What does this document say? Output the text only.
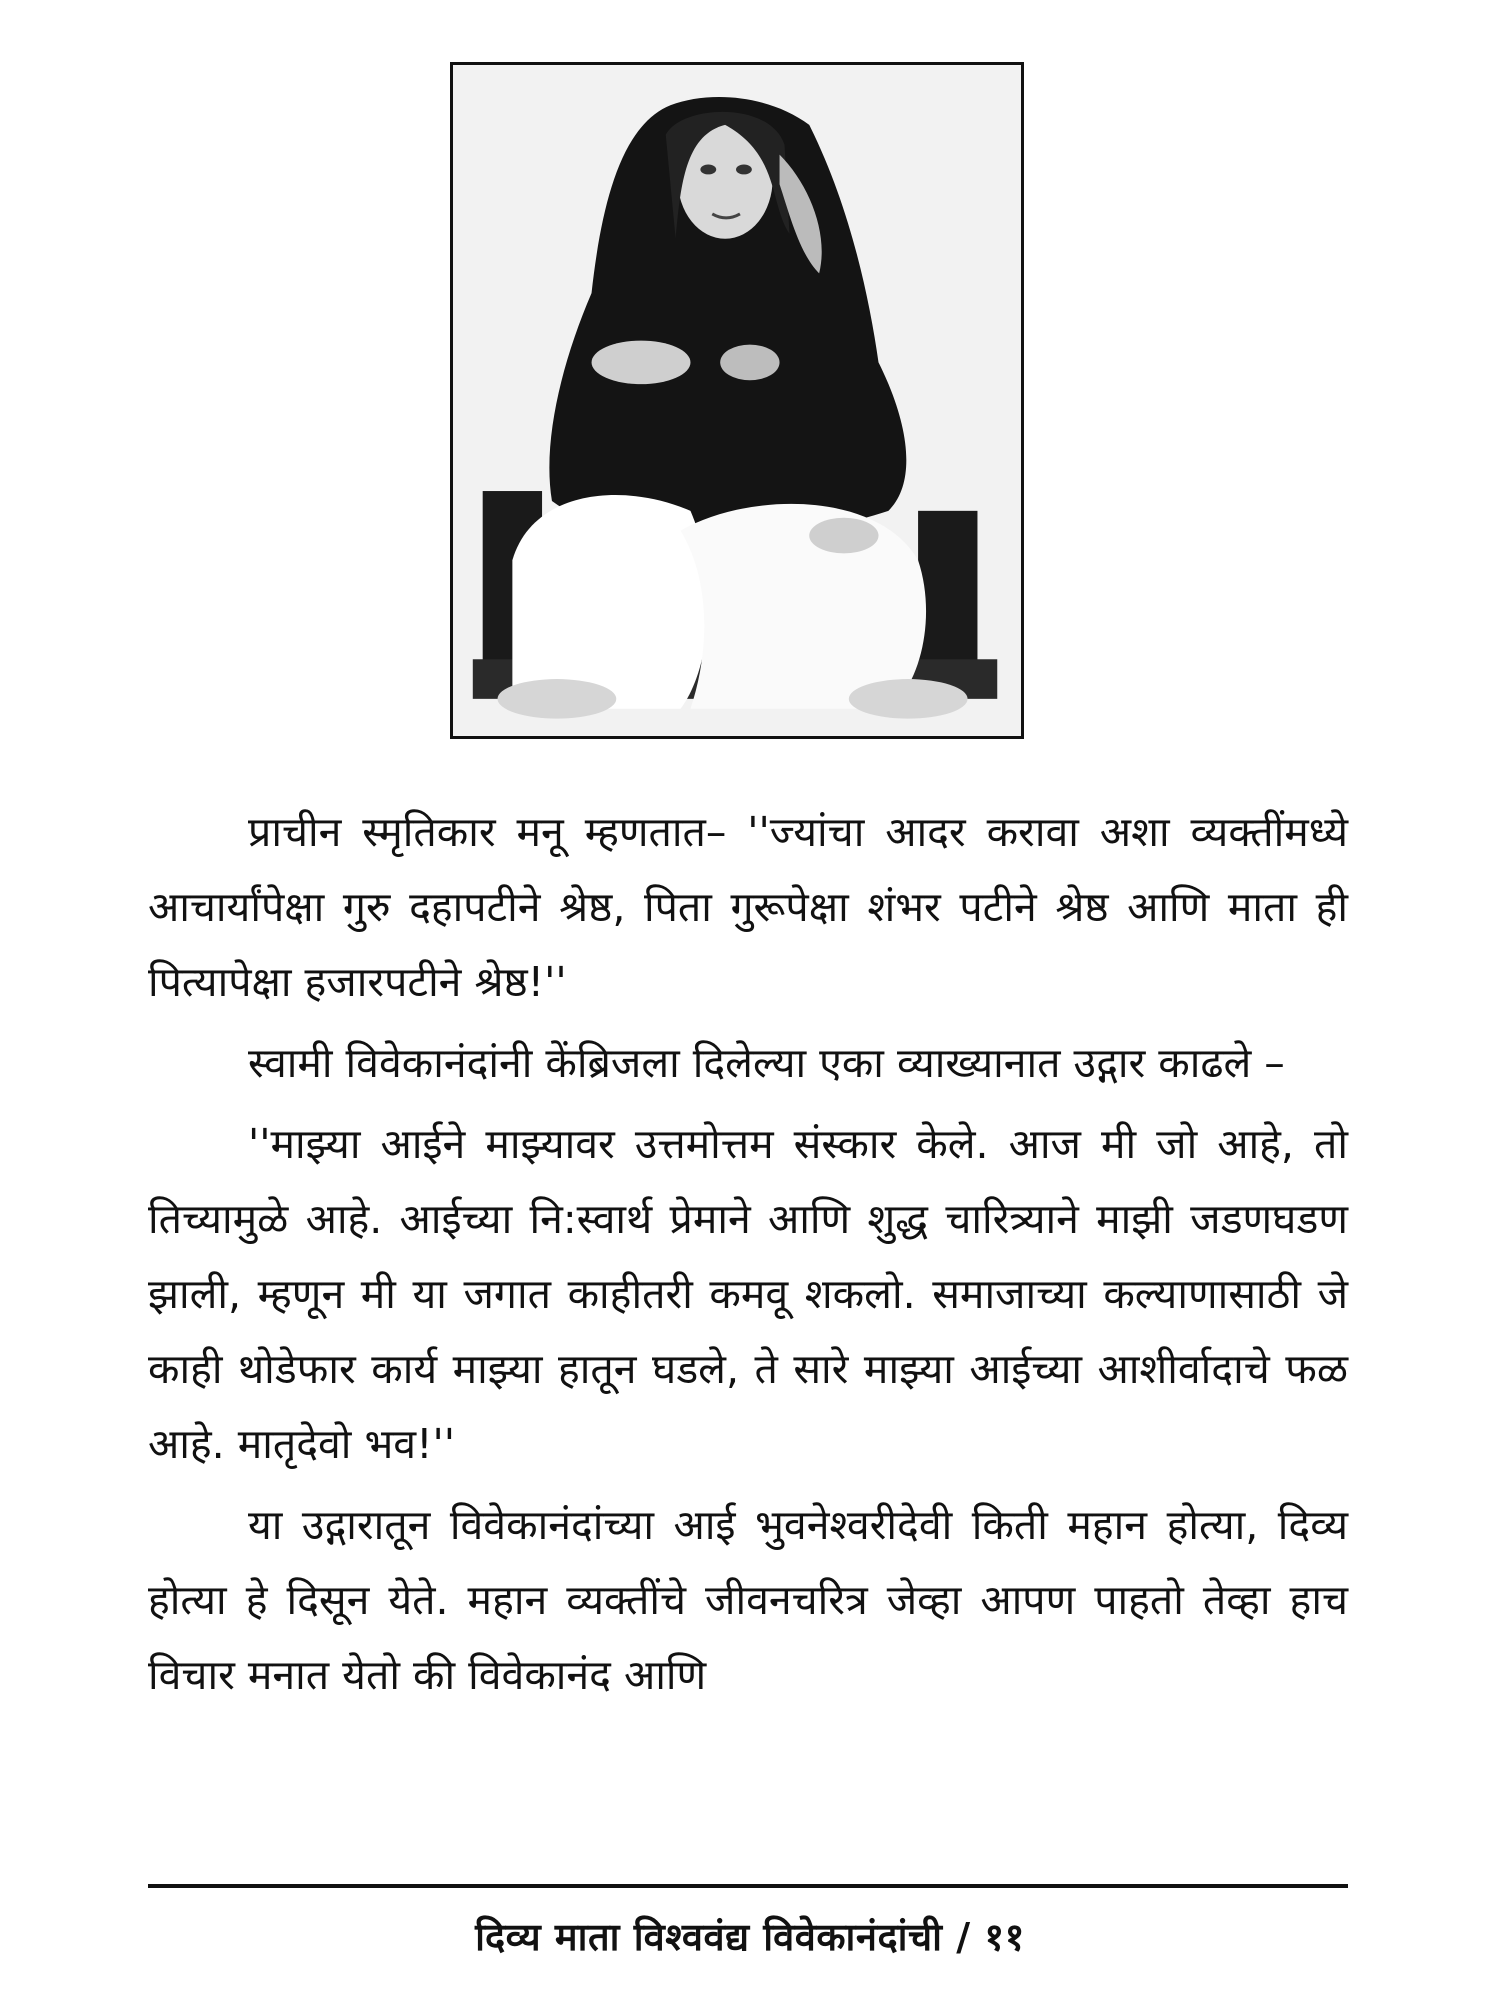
प्राचीन स्मृतिकार मनू म्हणतात– ''ज्यांचा आदर करावा अशा व्यक्तींमध्ये आचार्यांपेक्षा गुरु दहापटीने श्रेष्ठ, पिता गुरूपेक्षा शंभर पटीने श्रेष्ठ आणि माता ही पित्यापेक्षा हजारपटीने श्रेष्ठ!''

स्वामी विवेकानंदांनी केंब्रिजला दिलेल्या एका व्याख्यानात उद्गार काढले –

''माझ्या आईने माझ्यावर उत्तमोत्तम संस्कार केले. आज मी जो आहे, तो तिच्यामुळे आहे. आईच्या नि:स्वार्थ प्रेमाने आणि शुद्ध चारित्र्याने माझी जडणघडण झाली, म्हणून मी या जगात काहीतरी कमवू शकलो. समाजाच्या कल्याणासाठी जे काही थोडेफार कार्य माझ्या हातून घडले, ते सारे माझ्या आईच्या आशीर्वादाचे फळ आहे. मातृदेवो भव!''

या उद्गारातून विवेकानंदांच्या आई भुवनेश्वरीदेवी किती महान होत्या, दिव्य होत्या हे दिसून येते. महान व्यक्तींचे जीवनचरित्र जेव्हा आपण पाहतो तेव्हा हाच विचार मनात येतो की विवेकानंद आणि

दिव्य माता विश्ववंद्य विवेकानंदांची / ११
